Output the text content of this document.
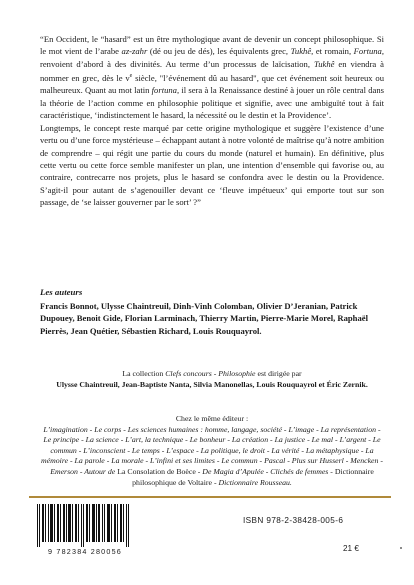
“En Occident, le “hasard” est un être mythologique avant de devenir un concept philosophique. Si le mot vient de l’arabe az-zahr (dé ou jeu de dés), les équivalents grec, Tukhê, et romain, Fortuna, renvoient d’abord à des divinités. Au terme d’un processus de laïcisation, Tukhê en viendra à nommer en grec, dès le $v^e$ siècle, "l’événement dû au hasard", que cet événement soit heureux ou malheureux. Quant au mot latin fortuna, il sera à la Renaissance destiné à jouer un rôle central dans la théorie de l’action comme en philosophie politique et signifie, avec une ambiguïté tout à fait caractéristique, ‘indistinctement le hasard, la nécessité ou le destin et la Providence’.

Longtemps, le concept reste marqué par cette origine mythologique et suggère l’existence d’une vertu ou d’une force mystérieuse – échappant autant à notre volonté de maîtrise qu’à notre ambition de comprendre – qui régit une partie du cours du monde (naturel et humain). En définitive, plus cette vertu ou cette force semble manifester un plan, une intention d’ensemble qui favorise ou, au contraire, contrecarre nos projets, plus le hasard se confondra avec le destin ou la Providence. S’agit-il pour autant de s’agenouiller devant ce ‘fleuve impétueux’ qui emporte tout sur son passage, de ‘se laisser gouverner par le sort’ ?”

Les auteurs
Francis Bonnot, Ulysse Chaintreuil, Dinh-Vinh Colomban, Olivier D’Jeranian, Patrick Dupouey, Benoit Gide, Florian Larminach, Thierry Martin, Pierre-Marie Morel, Raphaël Pierrès, Jean Quétier, Sébastien Richard, Louis Rouquayrol.
La collection Clefs concours - Philosophie est dirigée par
Ulysse Chaintreuil, Jean-Baptiste Nanta, Silvia Manonellas, Louis Rouquayrol et Éric Zernik.
Chez le même éditeur :
L’imagination - Le corps - Les sciences humaines : homme, langage, société - L’image - La représentation - Le principe - La science - L’art, la technique - Le bonheur - La création - La justice - Le mal - L’argent - Le commun - L’inconscient - Le temps - L’espace - La politique, le droit - La vérité - La métaphysique - La mémoire - La parole - La morale - L’infini et ses limites - Le commun - Pascal - Plus sur Husserl - Mencken - Emerson - Autour de La Consolation de Boèce - De Magia d’Apulée - Clichés de femmes - Dictionnaire philosophique de Voltaire - Dictionnaire Rousseau.
9 782384 280056
ISBN 978-2-38428-005-6
21 €
